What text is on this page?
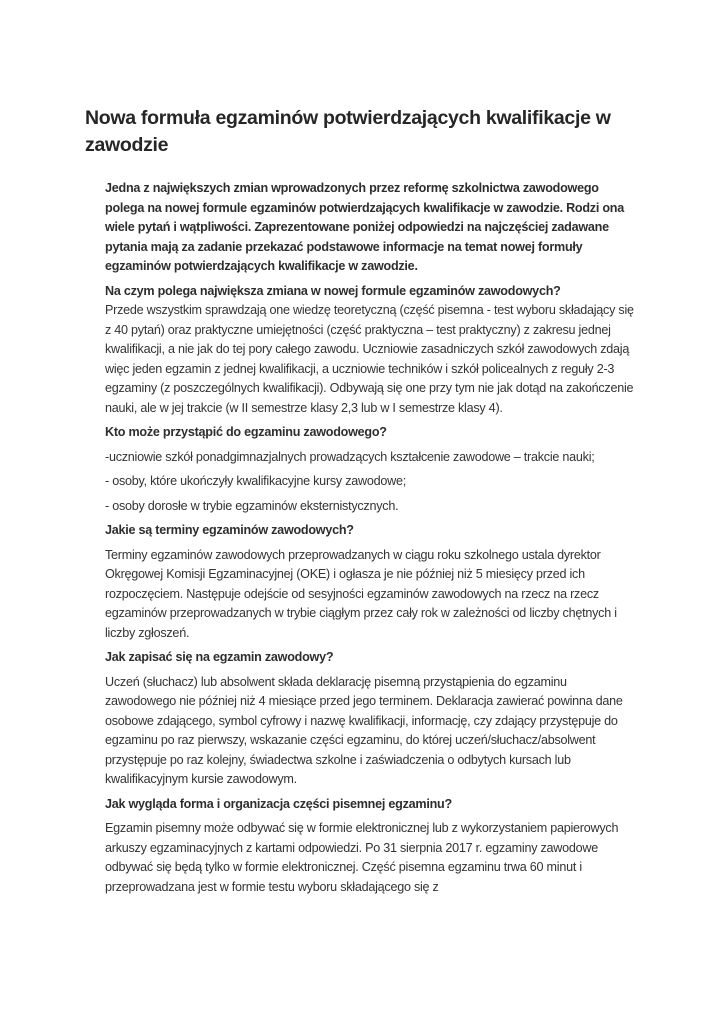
Nowa formuła egzaminów potwierdzających kwalifikacje w
zawodzie

Jedna z największych zmian wprowadzonych przez reformę szkolnictwa zawodowego polega na nowej formule egzaminów potwierdzających kwalifikacje w zawodzie. Rodzi ona wiele pytań i wątpliwości. Zaprezentowane poniżej odpowiedzi na najczęściej zadawane pytania mają za zadanie przekazać podstawowe informacje na temat nowej formuły egzaminów potwierdzających kwalifikacje w zawodzie.

Na czym polega największa zmiana w nowej formule egzaminów zawodowych?

Przede wszystkim sprawdzają one wiedzę teoretyczną (część pisemna - test wyboru składający się z 40 pytań) oraz praktyczne umiejętności (część praktyczna – test praktyczny) z zakresu jednej kwalifikacji, a nie jak do tej pory całego zawodu. Uczniowie zasadniczych szkół zawodowych zdają więc jeden egzamin z jednej kwalifikacji, a uczniowie techników i szkół policealnych z reguły 2-3 egzaminy (z poszczególnych kwalifikacji). Odbywają się one przy tym nie jak dotąd na zakończenie nauki, ale w jej trakcie (w II semestrze klasy 2,3 lub w I semestrze klasy 4).

Kto może przystąpić do egzaminu zawodowego?

-uczniowie szkół ponadgimnazjalnych prowadzących kształcenie zawodowe – trakcie nauki;

- osoby, które ukończyły kwalifikacyjne kursy zawodowe;

- osoby dorosłe w trybie egzaminów eksternistycznych.

Jakie są terminy egzaminów zawodowych?

Terminy egzaminów zawodowych przeprowadzanych w ciągu roku szkolnego ustala dyrektor Okręgowej Komisji Egzaminacyjnej (OKE) i ogłasza je nie później niż 5 miesięcy przed ich rozpoczęciem. Następuje odejście od sesyjności egzaminów zawodowych na rzecz na rzecz egzaminów przeprowadzanych w trybie ciągłym przez cały rok w zależności od liczby chętnych i liczby zgłoszeń.

Jak zapisać się na egzamin zawodowy?

Uczeń (słuchacz) lub absolwent składa deklarację pisemną przystąpienia do egzaminu zawodowego nie później niż 4 miesiące przed jego terminem. Deklaracja zawierać powinna dane osobowe zdającego, symbol cyfrowy i nazwę kwalifikacji, informację, czy zdający przystępuje do egzaminu po raz pierwszy, wskazanie części egzaminu, do której uczeń/słuchacz/absolwent przystępuje po raz kolejny, świadectwa szkolne i zaświadczenia o odbytych kursach lub kwalifikacyjnym kursie zawodowym.

Jak wygląda forma i organizacja części pisemnej egzaminu?

Egzamin pisemny może odbywać się w formie elektronicznej lub z wykorzystaniem papierowych arkuszy egzaminacyjnych z kartami odpowiedzi. Po 31 sierpnia 2017 r. egzaminy zawodowe odbywać się będą tylko w formie elektronicznej. Część pisemna egzaminu trwa 60 minut i przeprowadzana jest w formie testu wyboru składającego się z
